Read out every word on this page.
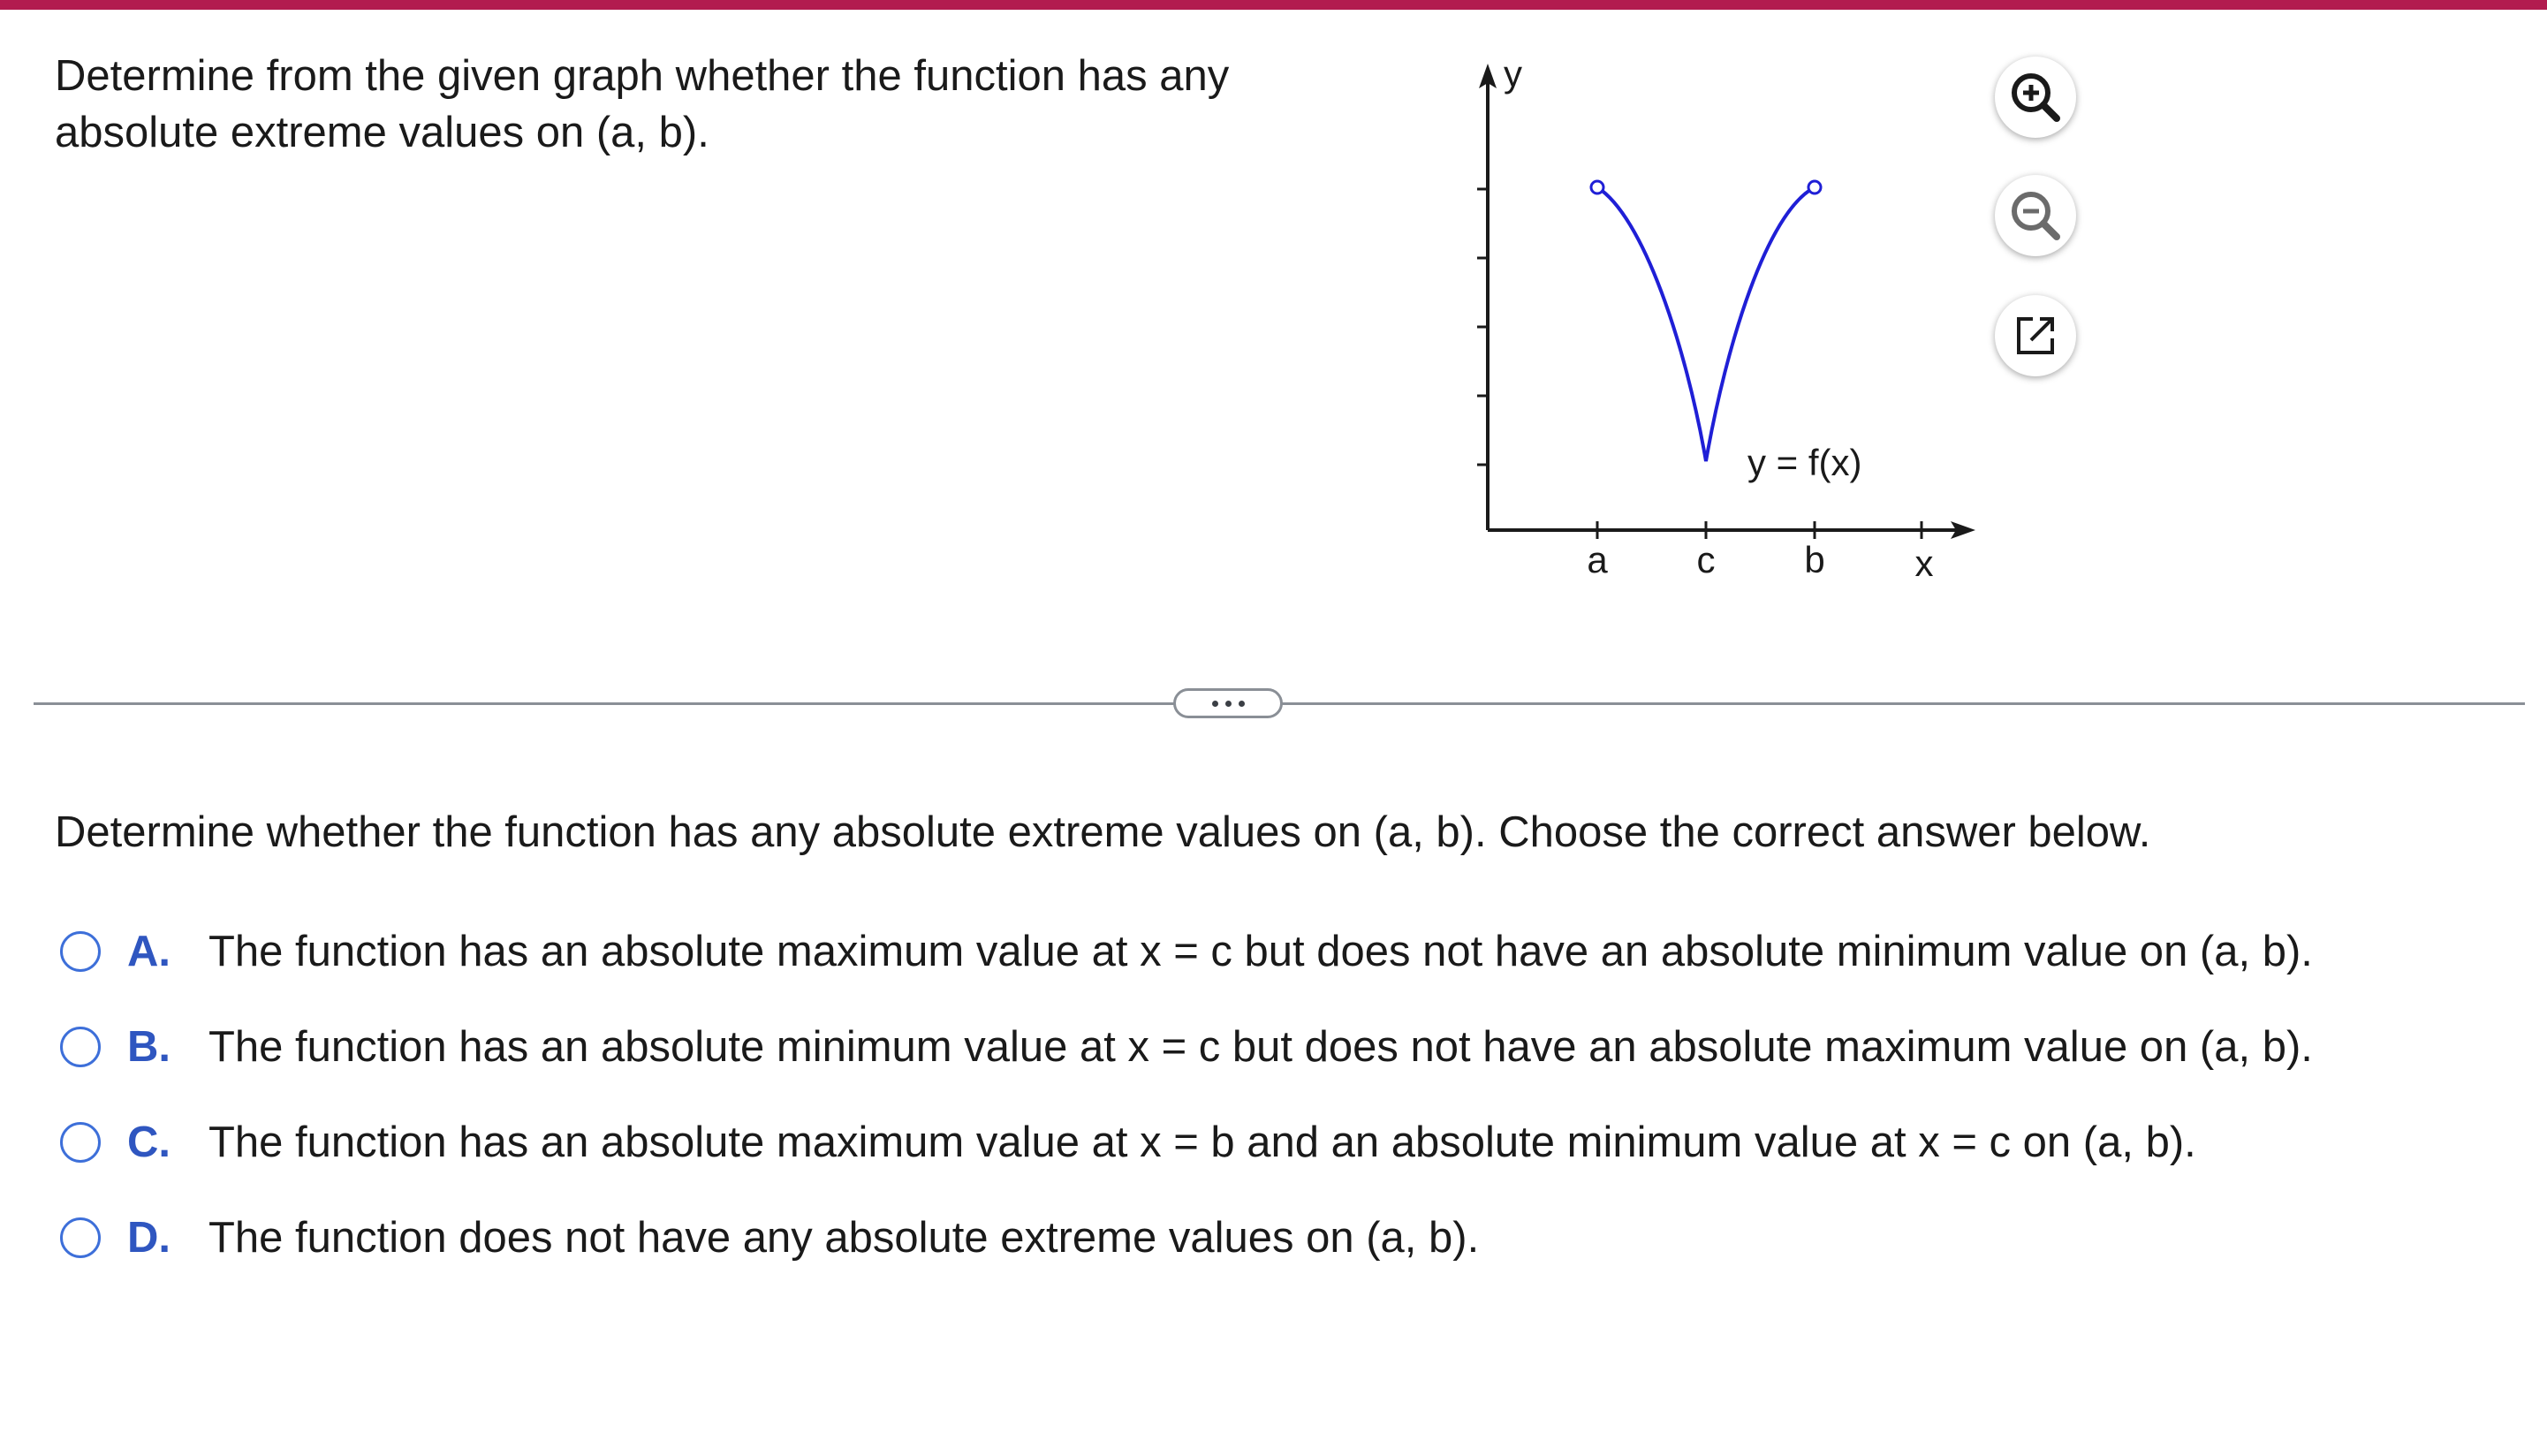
Determine from the given graph whether the function has any
absolute extreme values on (a, b).
y
x
a c b
y = f(x)
Determine whether the function has any absolute extreme values on (a, b). Choose the correct answer below.
A. The function has an absolute maximum value at x = c but does not have an absolute minimum value on (a, b).
B. The function has an absolute minimum value at x = c but does not have an absolute maximum value on (a, b).
C. The function has an absolute maximum value at x = b and an absolute minimum value at x = c on (a, b).
D. The function does not have any absolute extreme values on (a, b).
